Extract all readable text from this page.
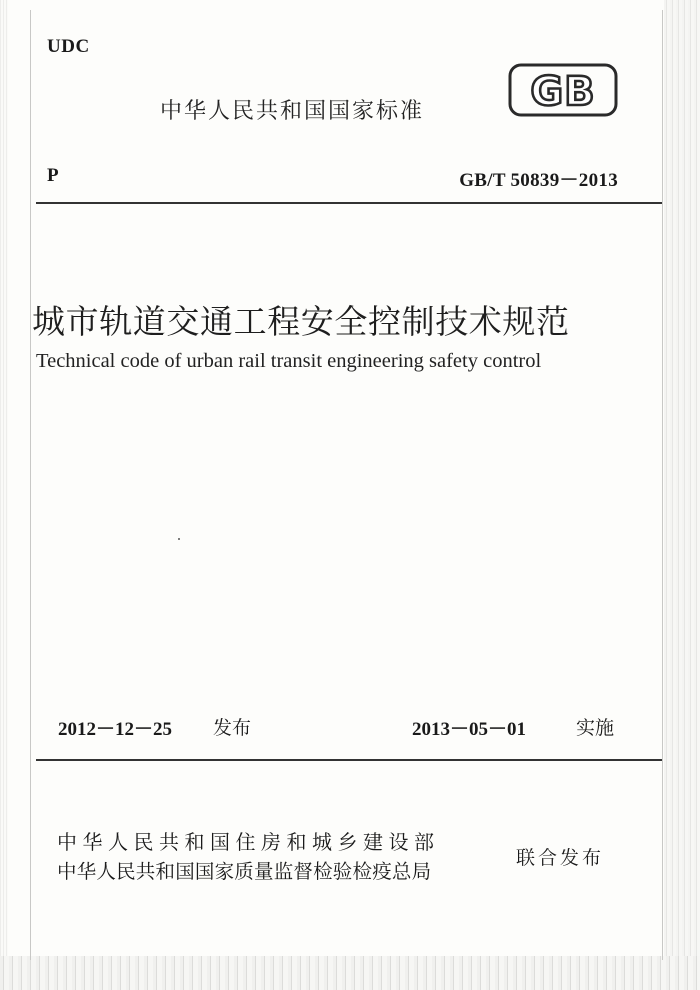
UDC
中华人民共和国国家标准	GB
P	GB/T 50839－2013
城市轨道交通工程安全控制技术规范
Technical code of urban rail transit engineering safety control
2012－12－25 发布	2013－05－01	实施
中华人民共和国住房和城乡建设部
中华人民共和国国家质量监督检验检疫总局
联合发布
